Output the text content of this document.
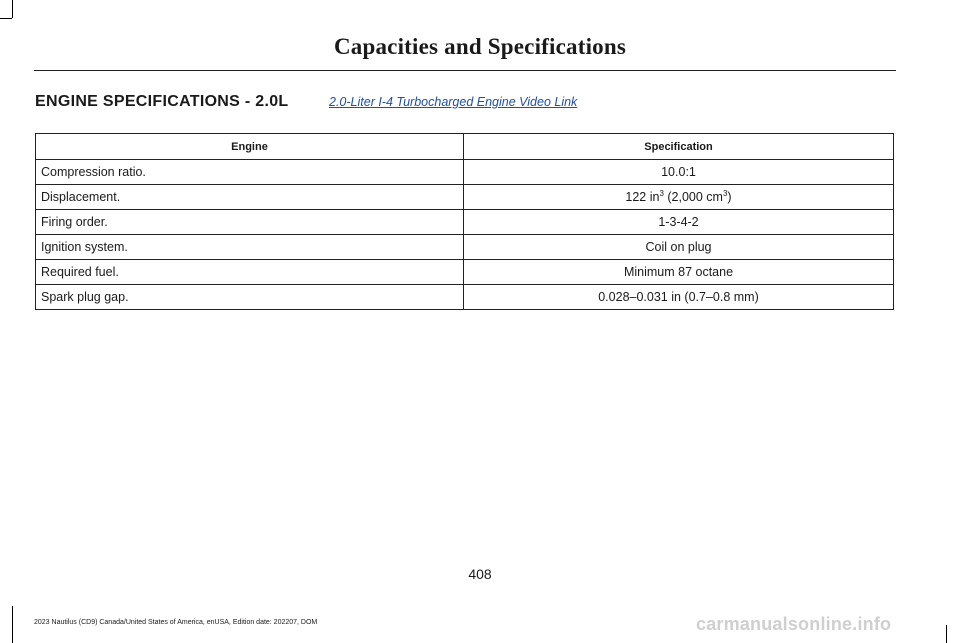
Capacities and Specifications
ENGINE SPECIFICATIONS - 2.0L	2.0-Liter I-4 Turbocharged Engine Video Link
Engine	Specification
Compression ratio.	10.0:1
Displacement.	122 $in^3$ (2,000 $cm^3$)
Firing order.	1-3-4-2
Ignition system.	Coil on plug
Required fuel.	Minimum 87 octane
Spark plug gap.	0.028–0.031 in (0.7–0.8 mm)
408
2023 Nautilus (CD9) Canada/United States of America, enUSA, Edition date: 202207, DOM	carmanualsonline.info
